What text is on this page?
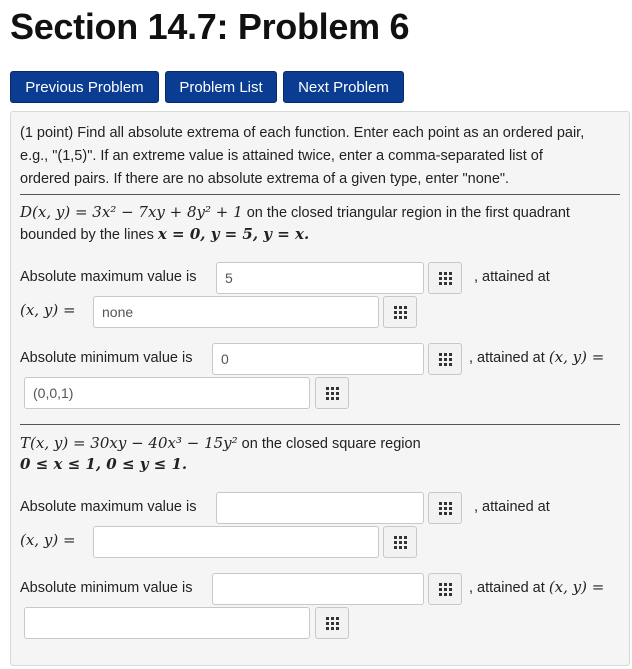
Section 14.7: Problem 6
Previous Problem	Problem List	Next Problem
(1 point) Find all absolute extrema of each function. Enter each point as an ordered pair,
e.g., "(1,5)". If an extreme value is attained twice, enter a comma-separated list of
ordered pairs. If there are no absolute extrema of a given type, enter "none".
D(x, y) = 3x² − 7xy + 8y² + 1 on the closed triangular region in the first quadrant
bounded by the lines x = 0, y = 5, y = x.
Absolute maximum value is	5	, attained at
(x, y) =	none
Absolute minimum value is	0	, attained at (x, y) =
(0,0,1)
T(x, y) = 30xy − 40x³ − 15y² on the closed square region
0 ≤ x ≤ 1, 0 ≤ y ≤ 1.
Absolute maximum value is	, attained at
(x, y) =
Absolute minimum value is	, attained at (x, y) =
